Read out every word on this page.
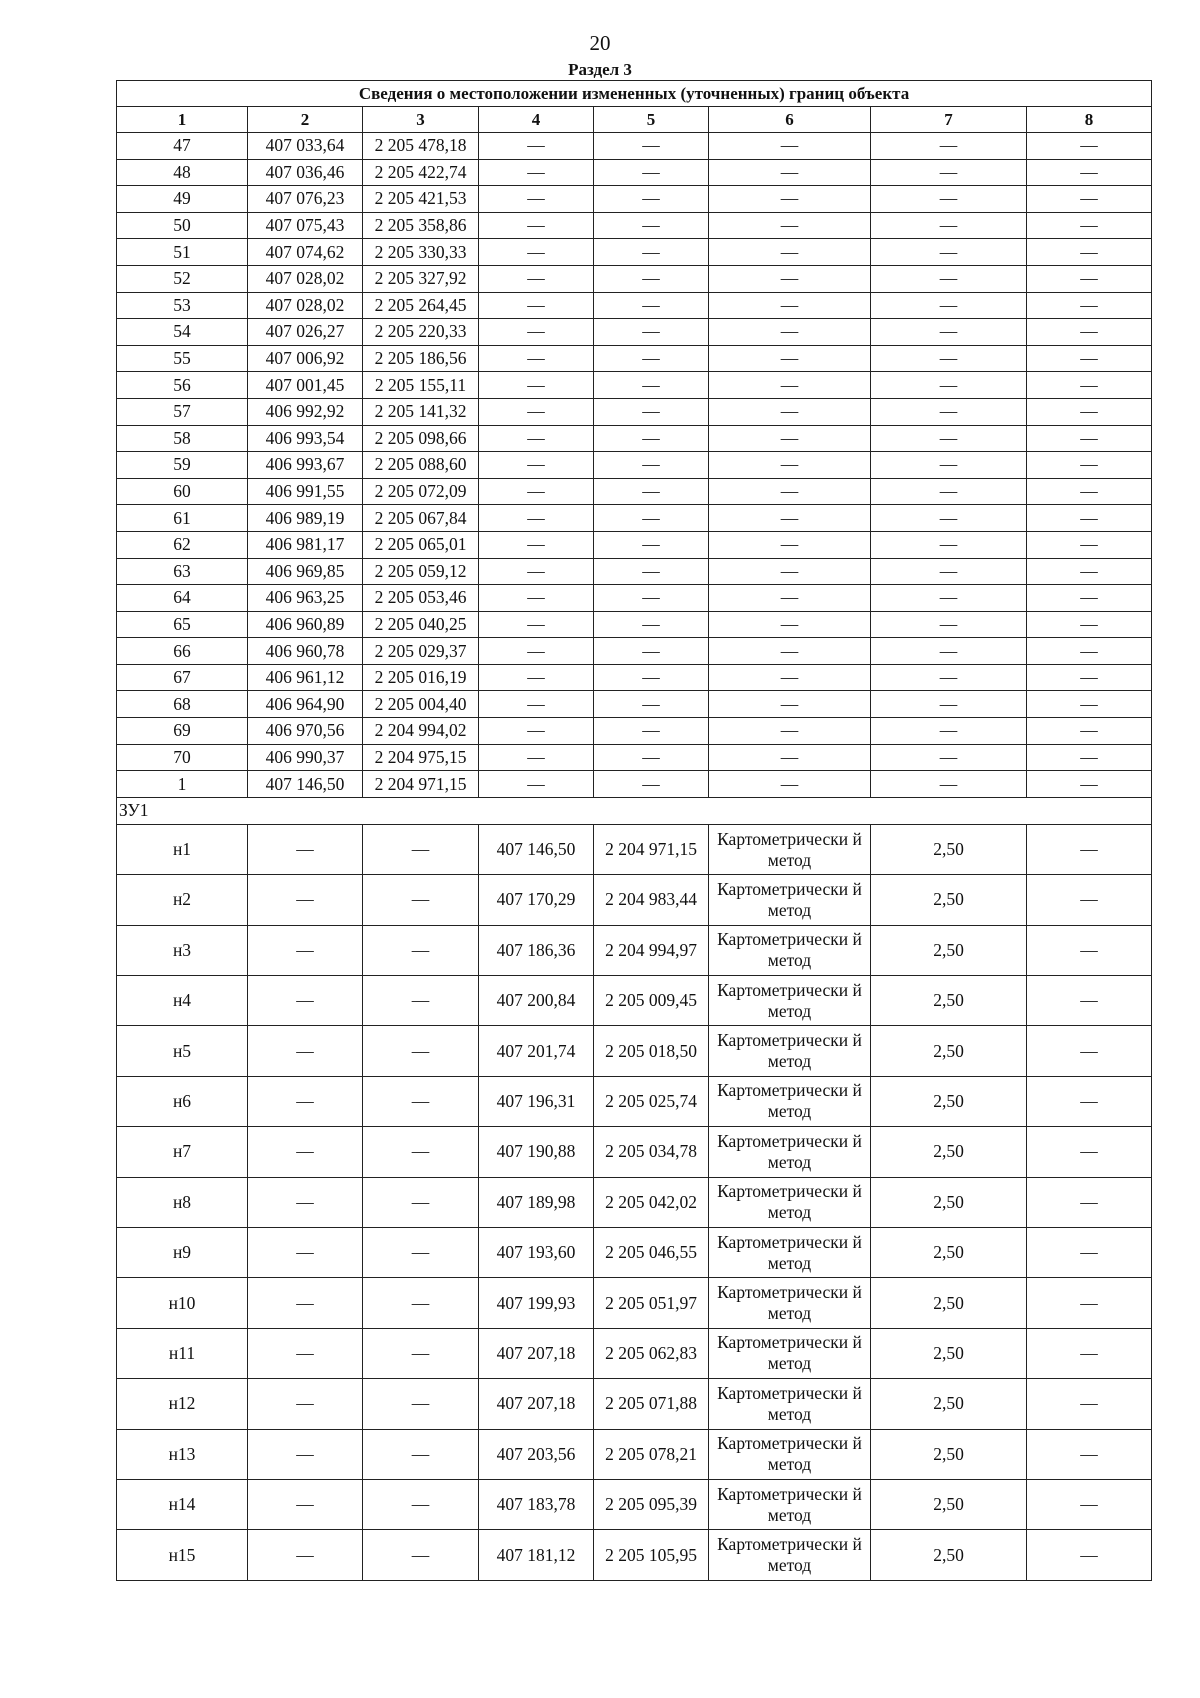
20
Раздел 3
Сведения о местоположении измененных (уточненных) границ объекта							
1	2	3	4	5	6	7	8
47	407 033,64	2 205 478,18	—	—	—	—	—
48	407 036,46	2 205 422,74	—	—	—	—	—
49	407 076,23	2 205 421,53	—	—	—	—	—
50	407 075,43	2 205 358,86	—	—	—	—	—
51	407 074,62	2 205 330,33	—	—	—	—	—
52	407 028,02	2 205 327,92	—	—	—	—	—
53	407 028,02	2 205 264,45	—	—	—	—	—
54	407 026,27	2 205 220,33	—	—	—	—	—
55	407 006,92	2 205 186,56	—	—	—	—	—
56	407 001,45	2 205 155,11	—	—	—	—	—
57	406 992,92	2 205 141,32	—	—	—	—	—
58	406 993,54	2 205 098,66	—	—	—	—	—
59	406 993,67	2 205 088,60	—	—	—	—	—
60	406 991,55	2 205 072,09	—	—	—	—	—
61	406 989,19	2 205 067,84	—	—	—	—	—
62	406 981,17	2 205 065,01	—	—	—	—	—
63	406 969,85	2 205 059,12	—	—	—	—	—
64	406 963,25	2 205 053,46	—	—	—	—	—
65	406 960,89	2 205 040,25	—	—	—	—	—
66	406 960,78	2 205 029,37	—	—	—	—	—
67	406 961,12	2 205 016,19	—	—	—	—	—
68	406 964,90	2 205 004,40	—	—	—	—	—
69	406 970,56	2 204 994,02	—	—	—	—	—
70	406 990,37	2 204 975,15	—	—	—	—	—
1	407 146,50	2 204 971,15	—	—	—	—	—
ЗУ1							
н1	—	—	407 146,50	2 204 971,15	Картометрически й метод	2,50	—
н2	—	—	407 170,29	2 204 983,44	Картометрически й метод	2,50	—
н3	—	—	407 186,36	2 204 994,97	Картометрически й метод	2,50	—
н4	—	—	407 200,84	2 205 009,45	Картометрически й метод	2,50	—
н5	—	—	407 201,74	2 205 018,50	Картометрически й метод	2,50	—
н6	—	—	407 196,31	2 205 025,74	Картометрически й метод	2,50	—
н7	—	—	407 190,88	2 205 034,78	Картометрически й метод	2,50	—
н8	—	—	407 189,98	2 205 042,02	Картометрически й метод	2,50	—
н9	—	—	407 193,60	2 205 046,55	Картометрически й метод	2,50	—
н10	—	—	407 199,93	2 205 051,97	Картометрически й метод	2,50	—
н11	—	—	407 207,18	2 205 062,83	Картометрически й метод	2,50	—
н12	—	—	407 207,18	2 205 071,88	Картометрически й метод	2,50	—
н13	—	—	407 203,56	2 205 078,21	Картометрически й метод	2,50	—
н14	—	—	407 183,78	2 205 095,39	Картометрически й метод	2,50	—
н15	—	—	407 181,12	2 205 105,95	Картометрически й метод	2,50	—
